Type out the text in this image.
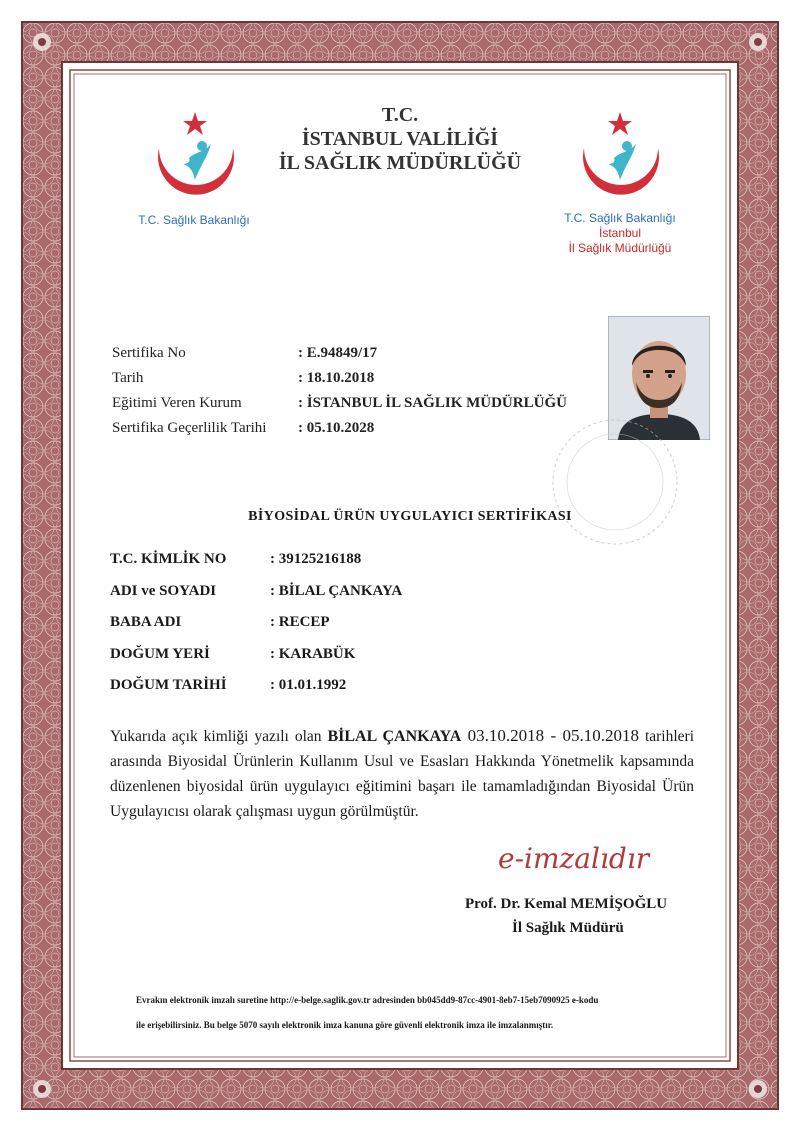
T.C.
İSTANBUL VALİLİĞİ
İL SAĞLIK MÜDÜRLÜĞÜ
T.C. Sağlık Bakanlığı	T.C. Sağlık Bakanlığı
İstanbul
İl Sağlık Müdürlüğü
Sertifika No	: E.94849/17
Tarih	: 18.10.2018
Eğitimi Veren Kurum	: İSTANBUL İL SAĞLIK MÜDÜRLÜĞÜ
Sertifika Geçerlilik Tarihi : 05.10.2028
BİYOSİDAL ÜRÜN UYGULAYICI SERTİFİKASI
T.C. KİMLİK NO	: 39125216188
ADI ve SOYADI	: BİLAL ÇANKAYA
BABA ADI	: RECEP
DOĞUM YERİ	: KARABÜK
DOĞUM TARİHİ	: 01.01.1992
Yukarıda açık kimliği yazılı olan BİLAL ÇANKAYA 03.10.2018 - 05.10.2018 tarihleri arasında Biyosidal Ürünlerin Kullanım Usul ve Esasları Hakkında Yönetmelik kapsamında düzenlenen biyosidal ürün uygulayıcı eğitimini başarı ile tamamladığından Biyosidal Ürün Uygulayıcısı olarak çalışması uygun görülmüştür.
e-imzalıdır
Prof. Dr. Kemal MEMİŞOĞLU
İl Sağlık Müdürü
Evrakın elektronik imzalı suretine http://e-belge.saglik.gov.tr adresinden bb045dd9-87cc-4901-8eb7-15eb7090925 e-kodu
ile erişebilirsiniz. Bu belge 5070 sayılı elektronik imza kanuna göre güvenli elektronik imza ile imzalanmıştır.
